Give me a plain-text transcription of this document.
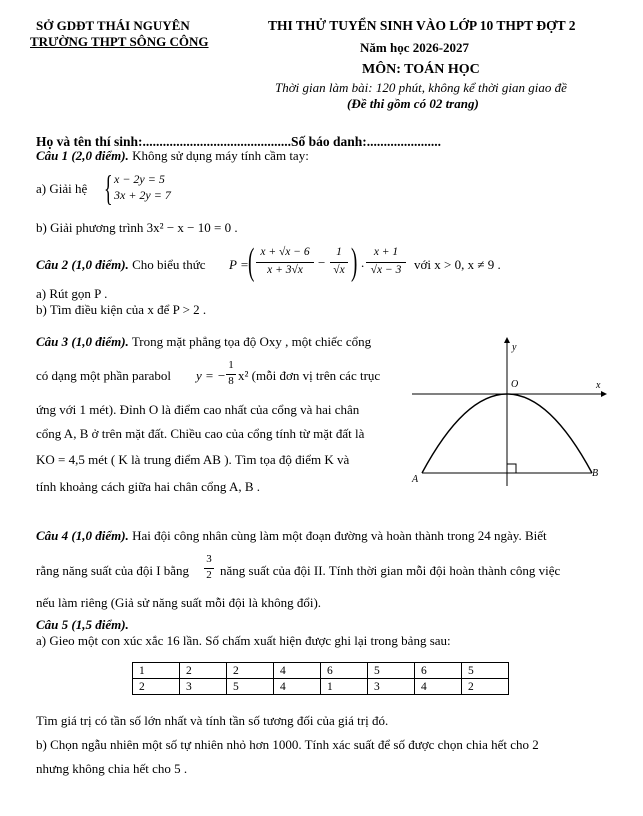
SỞ GDĐT THÁI NGUYÊN
TRƯỜNG THPT SÔNG CÔNG
THI THỬ TUYỂN SINH VÀO LỚP 10 THPT ĐỢT 2
Năm học 2026-2027
MÔN: TOÁN HỌC
Thời gian làm bài: 120 phút, không kể thời gian giao đề
(Đề thi gồm có 02 trang)
Họ và tên thí sinh:............................................Số báo danh:......................
Câu 1 (2,0 điểm). Không sử dụng máy tính cầm tay:
a) Giải hệ { x − 2y = 5
3x + 2y = 7
b) Giải phương trình 3x² − x − 10 = 0 .
Câu 2 (1,0 điểm). Cho biểu thức P = ( x + √x − 6
x + 3√x	−
1
√x ) .
x + 1
√x − 3 với x > 0, x ≠ 9 .
a) Rút gọn P .
b) Tìm điều kiện của x để P > 2 .
Câu 3 (1,0 điểm). Trong mặt phẳng tọa độ Oxy , một chiếc cổng
có dạng một phần parabol y = −
1
8 x² (mỗi đơn vị trên các trục
ứng với 1 mét). Đỉnh O là điểm cao nhất của cổng và hai chân
cổng A, B ở trên mặt đất. Chiều cao của cổng tính từ mặt đất là
KO = 4,5 mét ( K là trung điểm AB ). Tìm tọa độ điểm K và
tính khoảng cách giữa hai chân cổng A, B .
y
O	x
A
B
Câu 4 (1,0 điểm). Hai đội công nhân cùng làm một đoạn đường và hoàn thành trong 24 ngày. Biết
rằng năng suất của đội I bằng
3
2 năng suất của đội II. Tính thời gian mỗi đội hoàn thành công việc
nếu làm riêng (Giả sử năng suất mỗi đội là không đổi).
Câu 5 (1,5 điểm).
a) Gieo một con xúc xắc 16 lần. Số chấm xuất hiện được ghi lại trong bảng sau:
1	2	2	4	6	5	6	5
2	3	5	4	1	3	4	2
Tìm giá trị có tần số lớn nhất và tính tần số tương đối của giá trị đó.
b) Chọn ngẫu nhiên một số tự nhiên nhỏ hơn 1000. Tính xác suất để số được chọn chia hết cho 2
nhưng không chia hết cho 5 .
